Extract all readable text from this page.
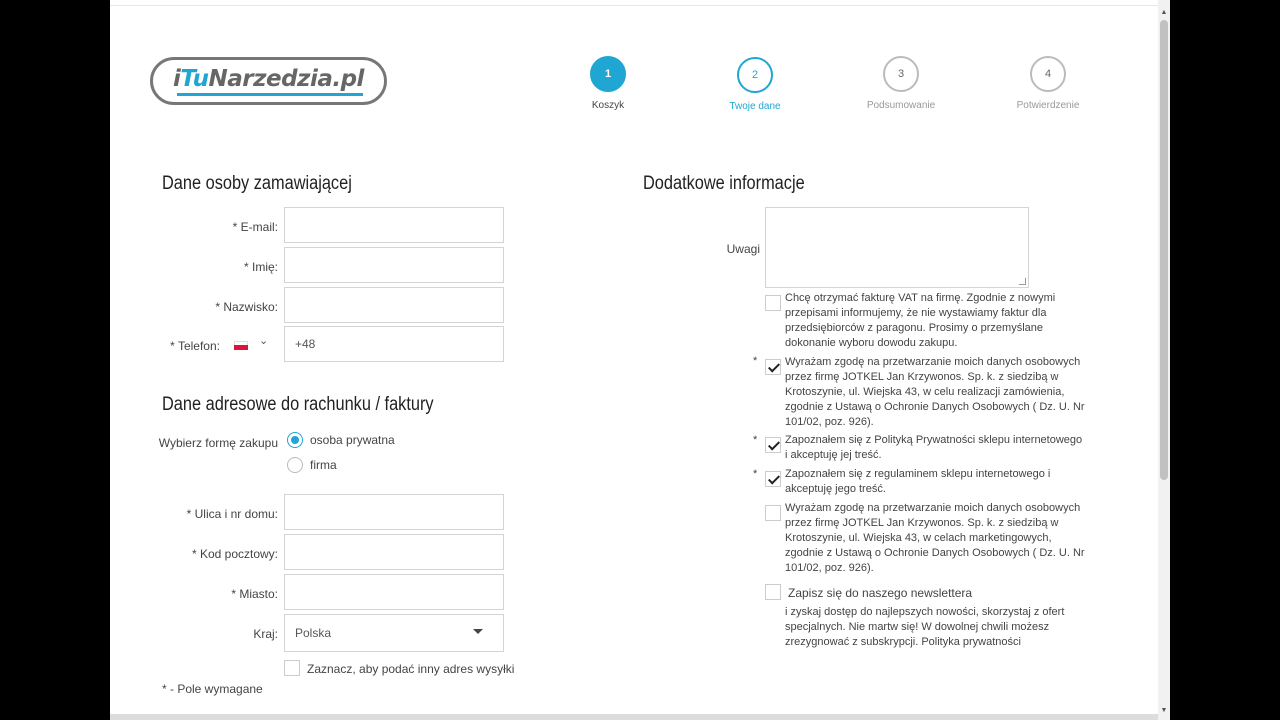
iTuNarzedzia.pl	1
Koszyk
2
Twoje dane
3
Podsumowanie
4
Potwierdzenie
Dane osoby zamawiającej
* E-mail:
* Imię:
* Nazwisko:
* Telefon:	⌄	+48
Dane adresowe do rachunku / faktury
Wybierz formę zakupu	osoba prywatna
firma
* Ulica i nr domu:
* Kod pocztowy:
* Miasto:
Kraj: Polska
Zaznacz, aby podać inny adres wysyłki
* - Pole wymagane
Dodatkowe informacje
Uwagi
Chcę otrzymać fakturę VAT na firmę. Zgodnie z nowymi przepisami informujemy, że nie wystawiamy faktur dla przedsiębiorców z paragonu. Prosimy o przemyślane dokonanie wyboru dowodu zakupu.
*	Wyrażam zgodę na przetwarzanie moich danych osobowych przez firmę JOTKEL Jan Krzywonos. Sp. k. z siedzibą w Krotoszynie, ul. Wiejska 43, w celu realizacji zamówienia, zgodnie z Ustawą o Ochronie Danych Osobowych ( Dz. U. Nr 101/02, poz. 926).
*	Zapoznałem się z Polityką Prywatności sklepu internetowego i akceptuję jej treść.
*	Zapoznałem się z regulaminem sklepu internetowego i akceptuję jego treść.
Wyrażam zgodę na przetwarzanie moich danych osobowych przez firmę JOTKEL Jan Krzywonos. Sp. k. z siedzibą w Krotoszynie, ul. Wiejska 43, w celach marketingowych, zgodnie z Ustawą o Ochronie Danych Osobowych ( Dz. U. Nr 101/02, poz. 926).
Zapisz się do naszego newslettera
i zyskaj dostęp do najlepszych nowości, skorzystaj z ofert specjalnych. Nie martw się! W dowolnej chwili możesz zrezygnować z subskrypcji. Polityka prywatności
▲
▼
